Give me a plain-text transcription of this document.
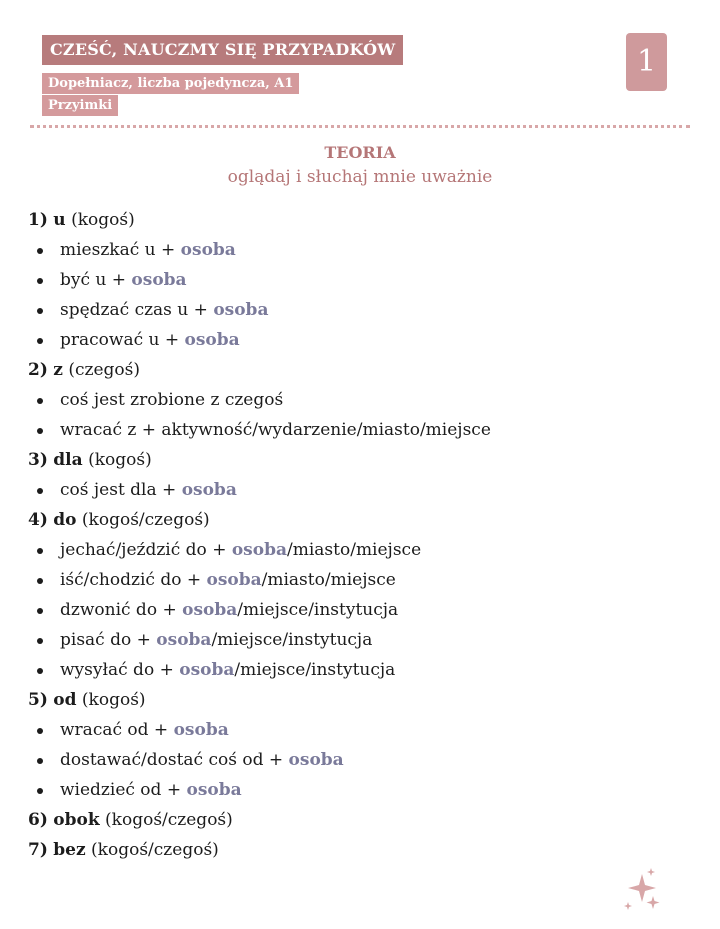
CZEŚĆ, NAUCZMY SIĘ PRZYPADKÓW
Dopełniacz, liczba pojedyncza, A1
Przyimki
1
TEORIA
oglądaj i słuchaj mnie uważnie
1) u (kogoś)
mieszkać u + osoba
być u + osoba
spędzać czas u + osoba
pracować u + osoba
2) z (czegoś)
coś jest zrobione z czegoś
wracać z + aktywność/wydarzenie/miasto/miejsce
3) dla (kogoś)
coś jest dla + osoba
4) do (kogoś/czegoś)
jechać/jeździć do + osoba/miasto/miejsce
iść/chodzić do + osoba/miasto/miejsce
dzwonić do + osoba/miejsce/instytucja
pisać do + osoba/miejsce/instytucja
wysyłać do + osoba/miejsce/instytucja
5) od (kogoś)
wracać od + osoba
dostawać/dostać coś od + osoba
wiedzieć od + osoba
6) obok (kogoś/czegoś)
7) bez (kogoś/czegoś)
